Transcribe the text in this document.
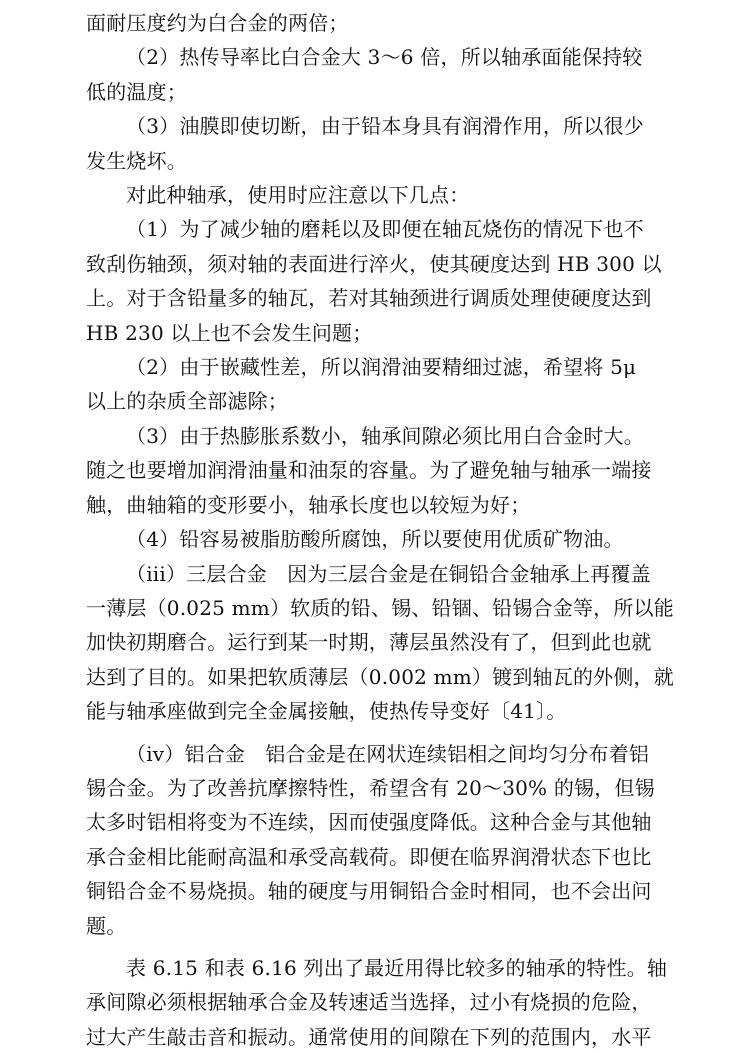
面耐压度约为白合金的两倍；

（2）热传导率比白合金大 3～6 倍，所以轴承面能保持较
低的温度；

（3）油膜即使切断，由于铅本身具有润滑作用，所以很少
发生烧坏。

对此种轴承，使用时应注意以下几点：

（1）为了减少轴的磨耗以及即便在轴瓦烧伤的情况下也不
致刮伤轴颈，须对轴的表面进行淬火，使其硬度达到 HB 300 以
上。对于含铅量多的轴瓦，若对其轴颈进行调质处理使硬度达到
HB 230 以上也不会发生问题；

（2）由于嵌藏性差，所以润滑油要精细过滤，希望将 5μ
以上的杂质全部滤除；

（3）由于热膨胀系数小，轴承间隙必须比用白合金时大。
随之也要增加润滑油量和油泵的容量。为了避免轴与轴承一端接
触，曲轴箱的变形要小，轴承长度也以较短为好；

（4）铅容易被脂肪酸所腐蚀，所以要使用优质矿物油。

（iii）三层合金　因为三层合金是在铜铅合金轴承上再覆盖
一薄层（0.025 mm）软质的铅、锡、铅锢、铅锡合金等，所以能
加快初期磨合。运行到某一时期，薄层虽然没有了，但到此也就
达到了目的。如果把软质薄层（0.002 mm）镀到轴瓦的外侧，就
能与轴承座做到完全金属接触，使热传导变好〔41〕。

（iv）铝合金　铝合金是在网状连续铝相之间均匀分布着铝
锡合金。为了改善抗摩擦特性，希望含有 20～30% 的锡，但锡
太多时铝相将变为不连续，因而使强度降低。这种合金与其他轴
承合金相比能耐高温和承受高载荷。即便在临界润滑状态下也比
铜铅合金不易烧损。轴的硬度与用铜铅合金时相同，也不会出问
题。

表 6.15 和表 6.16 列出了最近用得比较多的轴承的特性。轴
承间隙必须根据轴承合金及转速适当选择，过小有烧损的危险，
过大产生敲击音和振动。通常使用的间隙在下列的范围内，水平
